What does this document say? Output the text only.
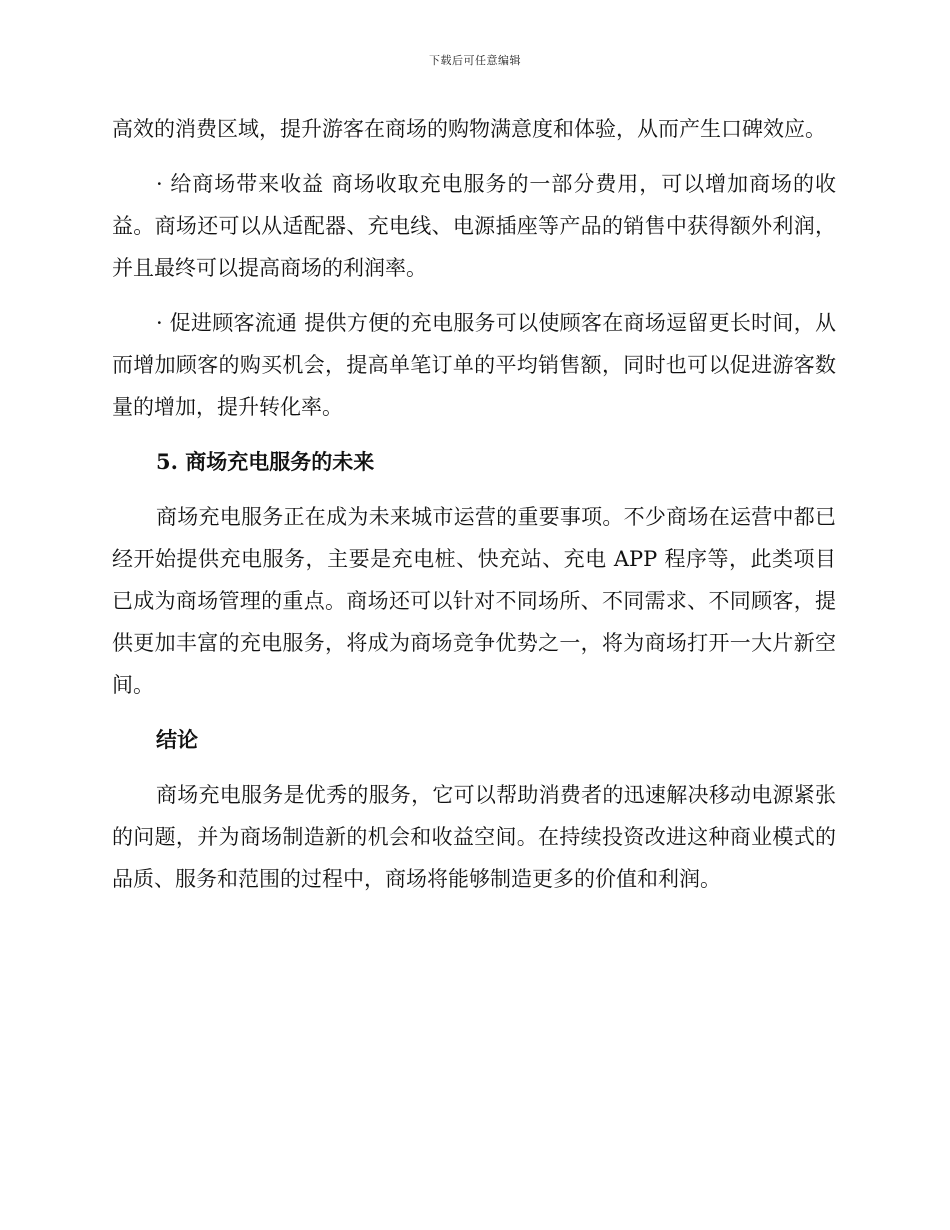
下载后可任意编辑

高效的消费区域，提升游客在商场的购物满意度和体验，从而产生口碑效应。

· 给商场带来收益 商场收取充电服务的一部分费用，可以增加商场的收益。商场还可以从适配器、充电线、电源插座等产品的销售中获得额外利润，并且最终可以提高商场的利润率。

· 促进顾客流通 提供方便的充电服务可以使顾客在商场逗留更长时间，从而增加顾客的购买机会，提高单笔订单的平均销售额，同时也可以促进游客数量的增加，提升转化率。

5. 商场充电服务的未来

商场充电服务正在成为未来城市运营的重要事项。不少商场在运营中都已经开始提供充电服务，主要是充电桩、快充站、充电 APP 程序等，此类项目已成为商场管理的重点。商场还可以针对不同场所、不同需求、不同顾客，提供更加丰富的充电服务，将成为商场竞争优势之一，将为商场打开一大片新空间。

结论

商场充电服务是优秀的服务，它可以帮助消费者的迅速解决移动电源紧张的问题，并为商场制造新的机会和收益空间。在持续投资改进这种商业模式的品质、服务和范围的过程中，商场将能够制造更多的价值和利润。
